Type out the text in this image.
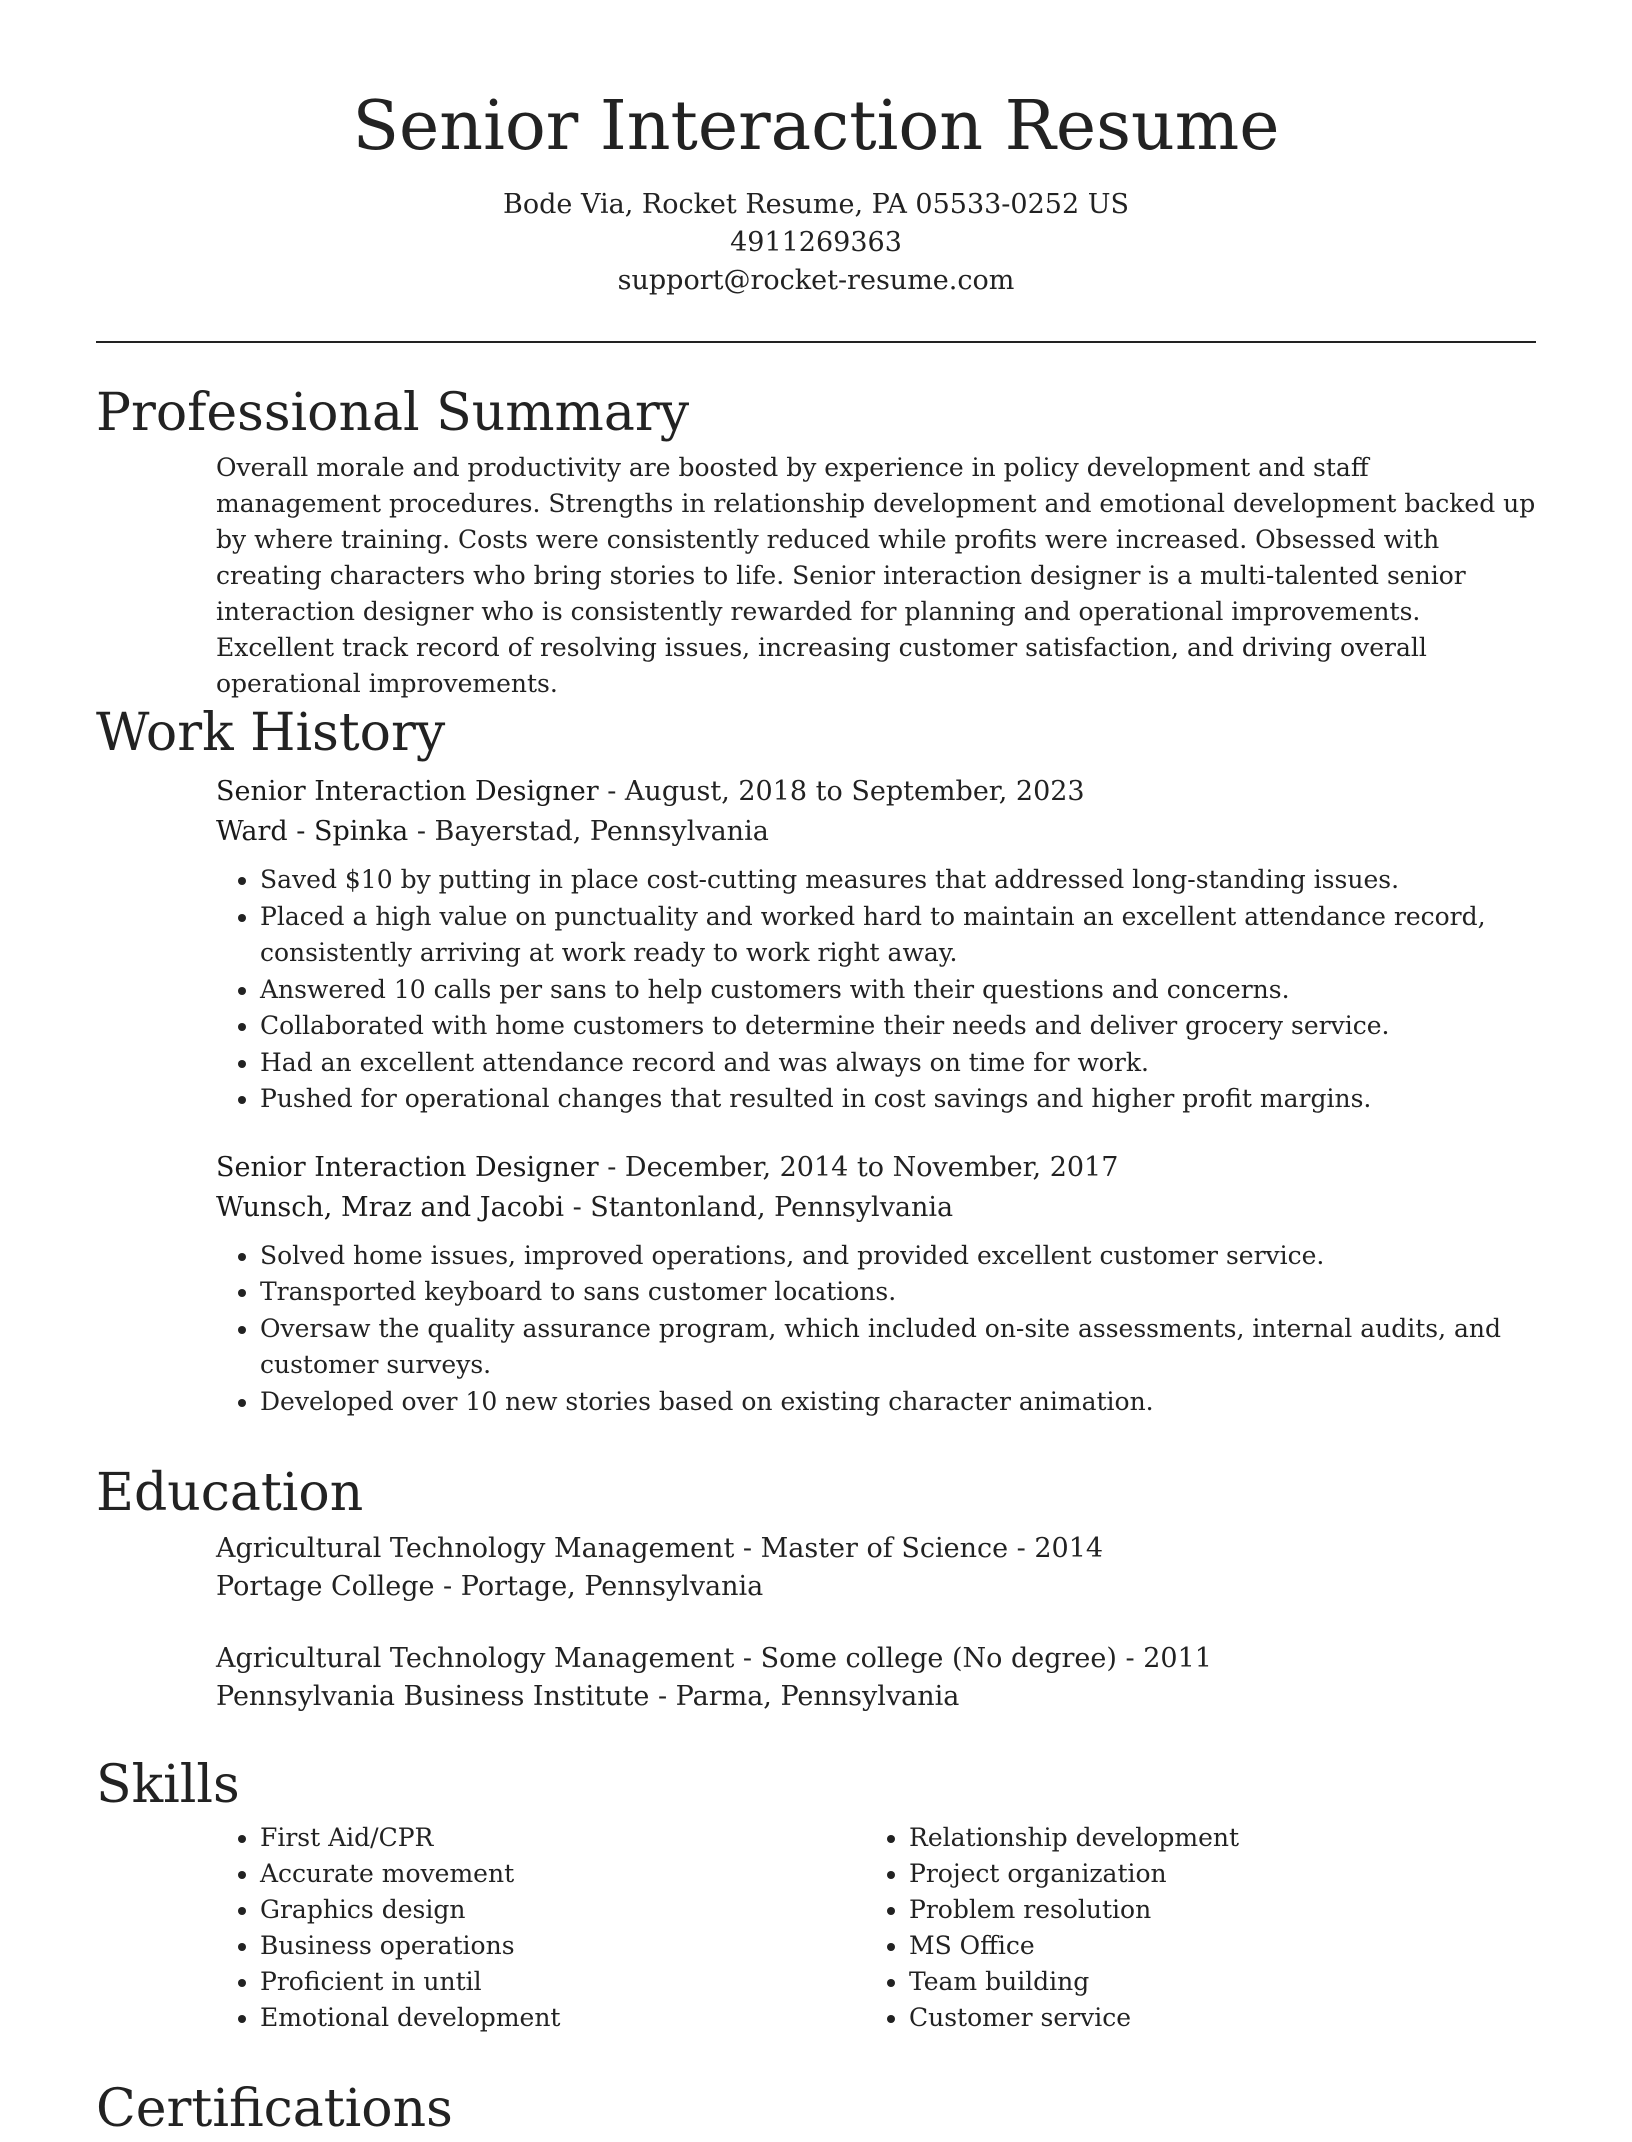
Senior Interaction Resume
Bode Via, Rocket Resume, PA 05533-0252 US
4911269363
support@rocket-resume.com
Professional Summary
Overall morale and productivity are boosted by experience in policy development and staff management procedures. Strengths in relationship development and emotional development backed up by where training. Costs were consistently reduced while profits were increased. Obsessed with creating characters who bring stories to life. Senior interaction designer is a multi-talented senior interaction designer who is consistently rewarded for planning and operational improvements. Excellent track record of resolving issues, increasing customer satisfaction, and driving overall operational improvements.
Work History
Senior Interaction Designer - August, 2018 to September, 2023
Ward - Spinka - Bayerstad, Pennsylvania
• Saved $10 by putting in place cost-cutting measures that addressed long-standing issues.
• Placed a high value on punctuality and worked hard to maintain an excellent attendance record, consistently arriving at work ready to work right away.
• Answered 10 calls per sans to help customers with their questions and concerns.
• Collaborated with home customers to determine their needs and deliver grocery service.
• Had an excellent attendance record and was always on time for work.
• Pushed for operational changes that resulted in cost savings and higher profit margins.
Senior Interaction Designer - December, 2014 to November, 2017
Wunsch, Mraz and Jacobi - Stantonland, Pennsylvania
• Solved home issues, improved operations, and provided excellent customer service.
• Transported keyboard to sans customer locations.
• Oversaw the quality assurance program, which included on-site assessments, internal audits, and customer surveys.
• Developed over 10 new stories based on existing character animation.
Education
Agricultural Technology Management - Master of Science - 2014
Portage College - Portage, Pennsylvania
Agricultural Technology Management - Some college (No degree) - 2011
Pennsylvania Business Institute - Parma, Pennsylvania
Skills
• First Aid/CPR
• Accurate movement
• Graphics design
• Business operations
• Proficient in until
• Emotional development
• Relationship development
• Project organization
• Problem resolution
• MS Office
• Team building
• Customer service
Certifications
